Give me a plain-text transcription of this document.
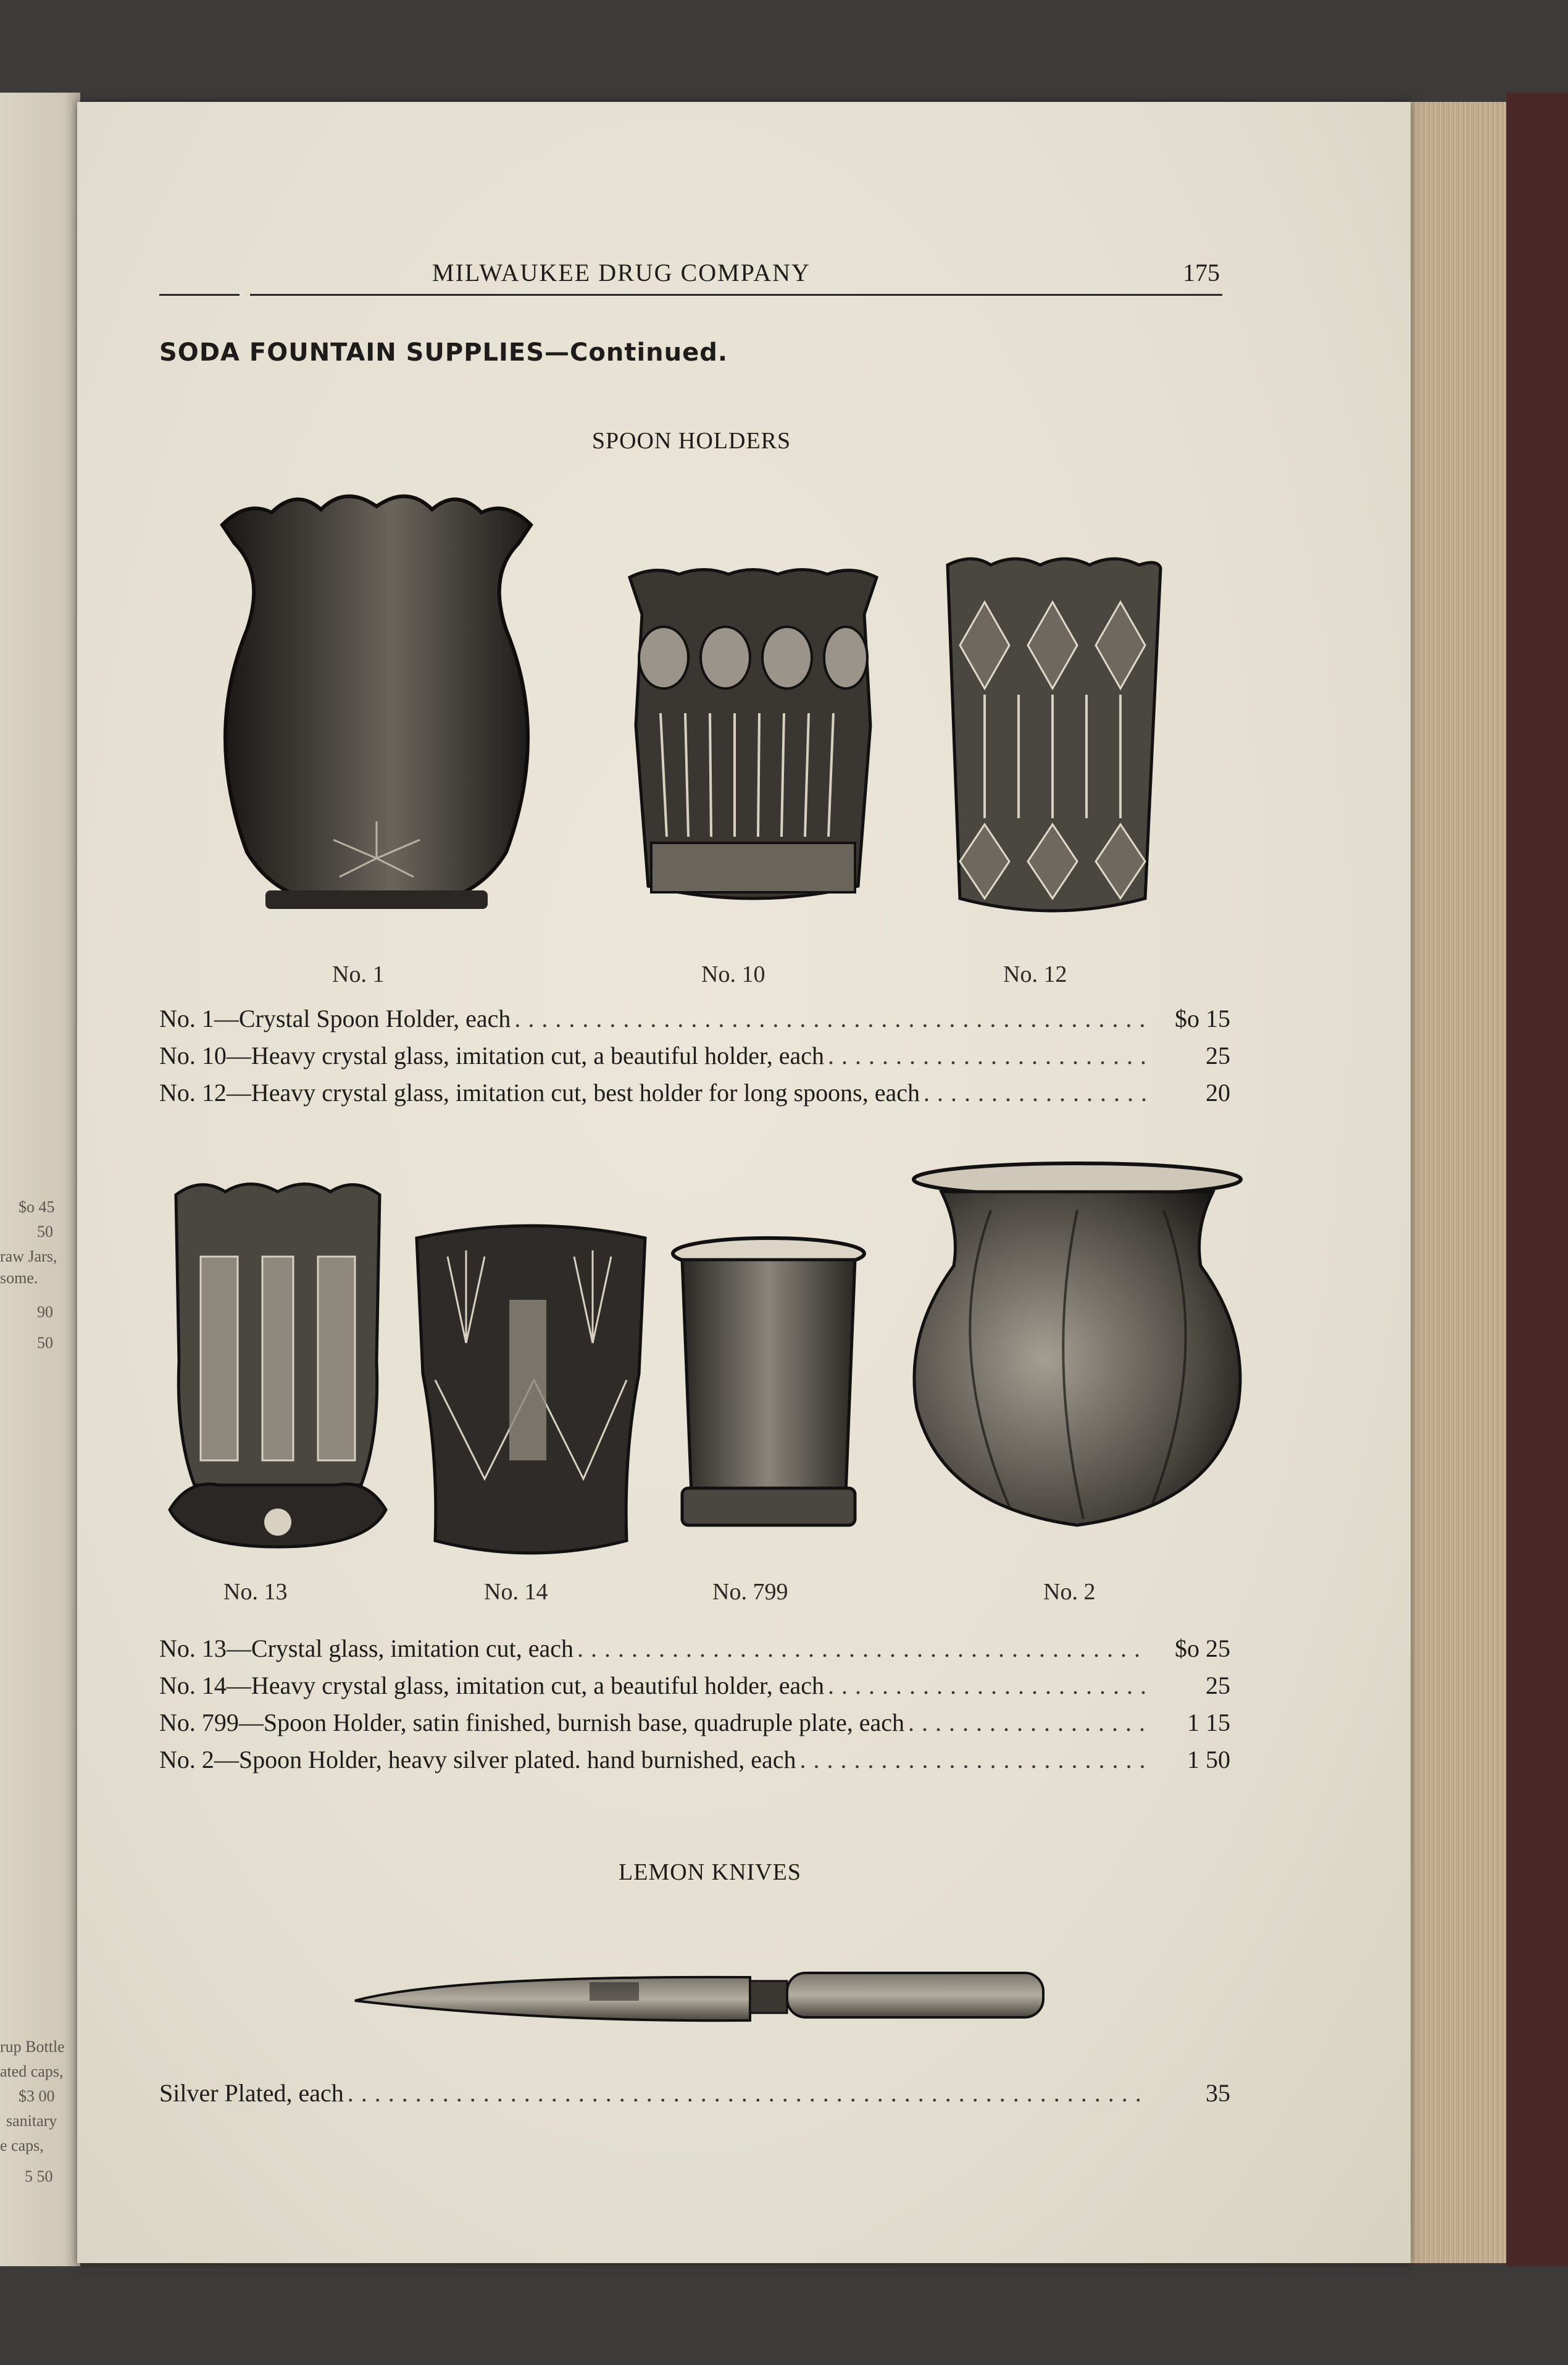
$o 45
50
raw Jars,
some.
90
50
rup Bottle
ated caps,
$3 00
sanitary
e caps,
5 50
MILWAUKEE DRUG COMPANY	175
SODA FOUNTAIN SUPPLIES—Continued.
SPOON HOLDERS
No. 1	No. 10	No. 12
No. 1—Crystal Spoon Holder, each . . .	$o 15
No. 10—Heavy crystal glass, imitation cut, a beautiful holder, each . . .	25
No. 12—Heavy crystal glass, imitation cut, best holder for long spoons, each . . .	20
No. 13	No. 14	No. 799	No. 2
No. 13—Crystal glass, imitation cut, each . . .	$o 25
No. 14—Heavy crystal glass, imitation cut, a beautiful holder, each . . .	25
No. 799—Spoon Holder, satin finished, burnish base, quadruple plate, each . . .	1 15
No. 2—Spoon Holder, heavy silver plated. hand burnished, each . . .	1 50
LEMON KNIVES
Silver Plated, each . . .	35
